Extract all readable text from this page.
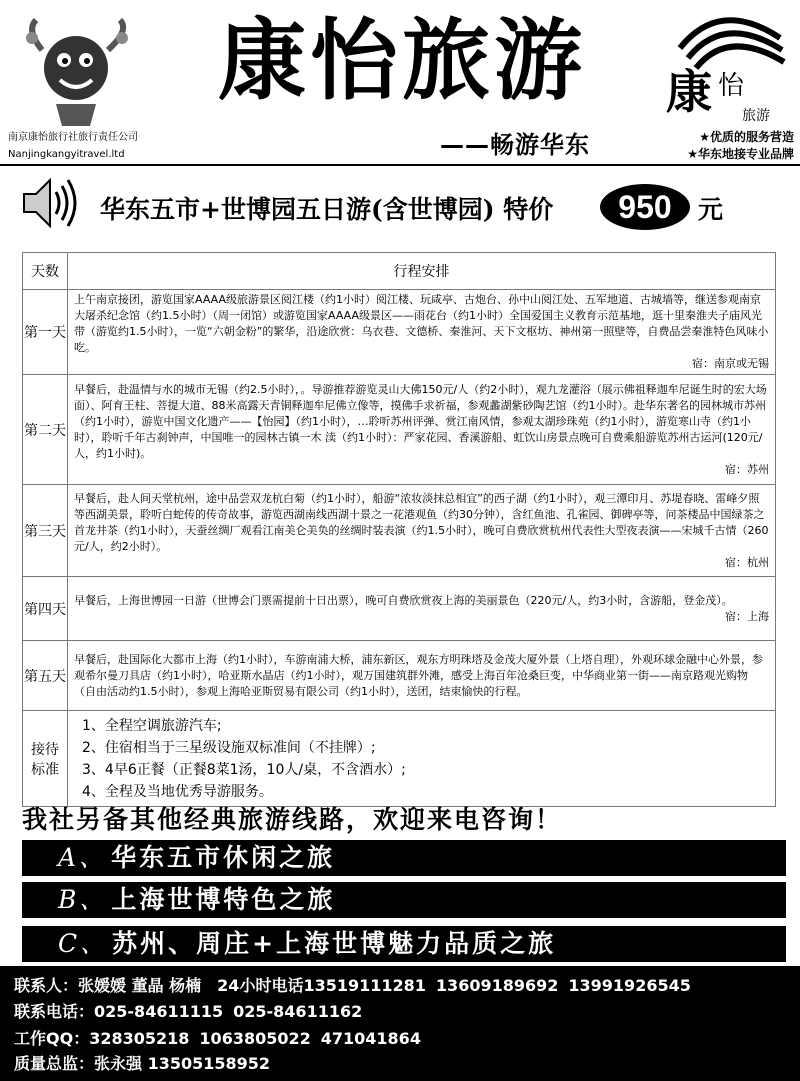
康怡旅游
南京康怡旅行社旅行责任公司
Nanjingkangyitravel.ltd	——畅游华东
康 怡
旅游
★优质的服务营造
★华东地接专业品牌
华东五市+世博园五日游(含世博园) 特价	950	元
天数	行程安排
第一天	上午南京接团，游览国家AAAA级旅游景区阅江楼（约1小时）阅江楼、玩咸亭、古炮台、孙中山阅江处、五军地道、古城墙等，继送参观南京大屠杀纪念馆（约1.5小时）（周一闭馆）或游览国家AAAA级景区——雨花台（约1小时）全国爱国主义教育示范基地，逛十里秦淮夫子庙风光带（游览约1.5小时），一览“六朝金粉”的繁华，沿途欣赏：乌衣巷、文德桥、秦淮河、天下文枢坊、神州第一照壁等，自费品尝秦淮特色风味小吃。
宿：南京或无锡

第二天	早餐后，赴温情与水的城市无锡（约2.5小时），。导游推荐游览灵山大佛150元/人（约2小时），观九龙灌浴（展示佛祖释迦牟尼诞生时的宏大场面）、阿育王柱、菩提大道、88米高露天青铜释迦牟尼佛立像等，摸佛手求祈福，参观蠡湖紫砂陶艺馆（约1小时）。赴华东著名的园林城市苏州（约1小时），游览中国文化遗产——【怡园】（约1小时），…聆听苏州评弹、赏江南风情，参观太湖珍珠苑（约1小时），游览寒山寺（约1小时），聆听千年古刹钟声，中国唯一的园林古镇一木 渎（约1小时）：严家花园、香溪游船、虹饮山房景点晚可自费乘船游览苏州古运河(120元/人，约1小时)。
宿：苏州

第三天	早餐后，赴人间天堂杭州，途中品尝双龙杭白菊（约1小时），船游“浓妆淡抹总相宜”的西子湖（约1小时），观三潭印月、苏堤春晓、雷峰夕照等西湖美景，聆听白蛇传的传奇故事，游览西湖南线西湖十景之一花港观鱼（约30分钟），含红鱼池、孔雀园、御碑亭等，问茶楼品中国绿茶之首龙井茶（约1小时），天蚕丝绸厂观看江南美仑美奂的丝绸时装表演（约1.5小时），晚可自费欣赏杭州代表性大型夜表演——宋城千古情（260元/人，约2小时）。
宿：杭州

第四天	早餐后，上海世博园一日游（世博会门票需提前十日出票），晚可自费欣赏夜上海的美丽景色（220元/人，约3小时，含游船，登金茂）。
宿：上海

第五天	早餐后，赴国际化大都市上海（约1小时），车游南浦大桥，浦东新区，观东方明珠塔及金茂大厦外景（上塔自理），外观环球金融中心外景，参观希尔曼刀具店（约1小时），哈亚斯水晶店（约1小时），观万国建筑群外滩，感受上海百年沧桑巨变，中华商业第一街——南京路观光购物（自由活动约1.5小时），参观上海哈亚斯贸易有限公司（约1小时），送团，结束愉快的行程。
接待标准	1、全程空调旅游汽车;
2、住宿相当于三星级设施双标准间（不挂牌）;
3、4早6正餐（正餐8菜1汤，10人/桌，不含酒水）;
4、全程及当地优秀导游服务。
我社另备其他经典旅游线路，欢迎来电咨询！
A、 华东五市休闲之旅
B、 上海世博特色之旅
C、 苏州、周庄+上海世博魅力品质之旅
联系人：张媛媛 董晶 杨楠 24小时电话13519111281 13609189692 13991926545
联系电话：025-84611115 025-84611162
工作QQ：328305218 1063805022 471041864
质量总监：张永强 13505158952
